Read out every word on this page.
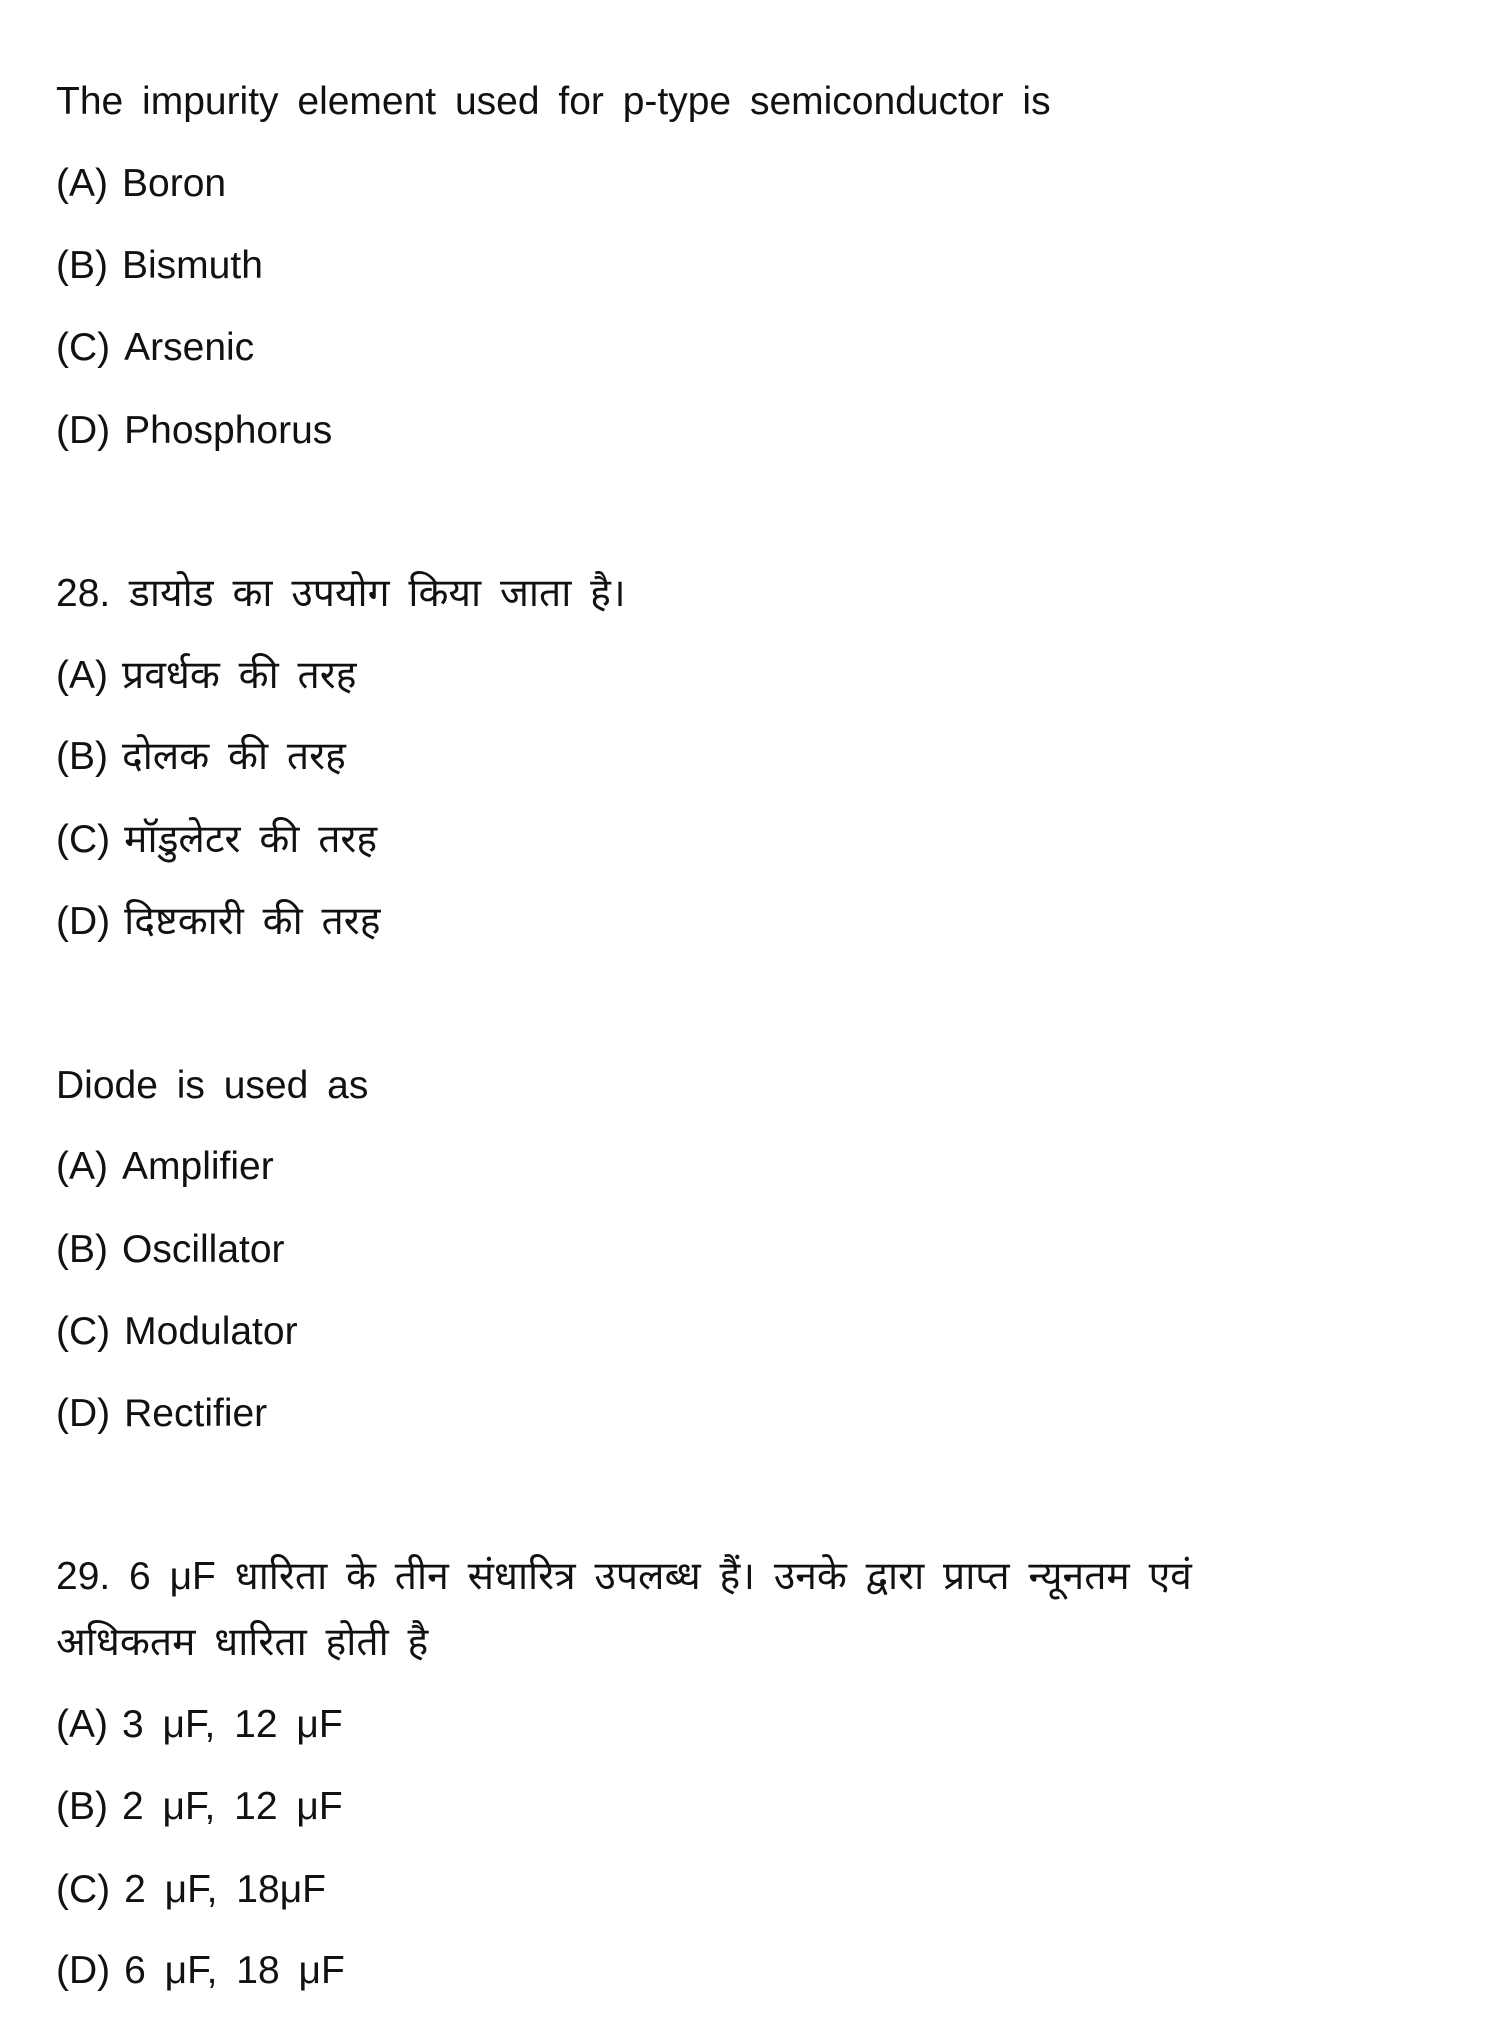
The impurity element used for p-type semiconductor is
(A) Boron
(B) Bismuth
(C) Arsenic
(D) Phosphorus
28. डायोड का उपयोग किया जाता है।
(A) प्रवर्धक की तरह
(B) दोलक की तरह
(C) मॉडुलेटर की तरह
(D) दिष्टकारी की तरह
Diode is used as
(A) Amplifier
(B) Oscillator
(C) Modulator
(D) Rectifier
29. 6 μF धारिता के तीन संधारित्र उपलब्ध हैं। उनके द्वारा प्राप्त न्यूनतम एवं
अधिकतम धारिता होती है
(A) 3 μF, 12 μF
(B) 2 μF, 12 μF
(C) 2 μF, 18μF
(D) 6 μF, 18 μF
